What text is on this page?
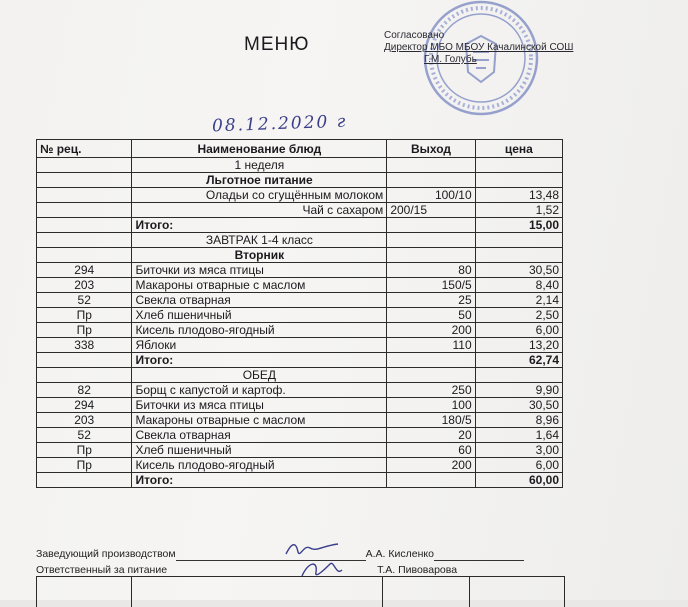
МЕНЮ	Согласовано
Директор МБО МБОУ Качалинской СОШ
Г.М. Голубь
08.12.2020 г
№ рец.	Наименование блюд	Выход	цена
	1 неделя		
	Льготное питание		
	Оладьи со сгущённым молоком	100/10	13,48
	Чай с сахаром	200/15	1,52
	Итого:		15,00
	ЗАВТРАК 1-4 класс		
	Вторник		
294	Биточки из мяса птицы	80	30,50
203	Макароны отварные с маслом	150/5	8,40
52	Свекла отварная	25	2,14
Пр	Хлеб пшеничный	50	2,50
Пр	Кисель плодово-ягодный	200	6,00
338	Яблоки	110	13,20
	Итого:		62,74
	ОБЕД		
82	Борщ с капустой и картоф.	250	9,90
294	Биточки из мяса птицы	100	30,50
203	Макароны отварные с маслом	180/5	8,96
52	Свекла отварная	20	1,64
Пр	Хлеб пшеничный	60	3,00
Пр	Кисель плодово-ягодный	200	6,00
	Итого:		60,00
Заведующий производством	А.А. Кисленко
Ответственный за питание	Т.А. Пивоварова
